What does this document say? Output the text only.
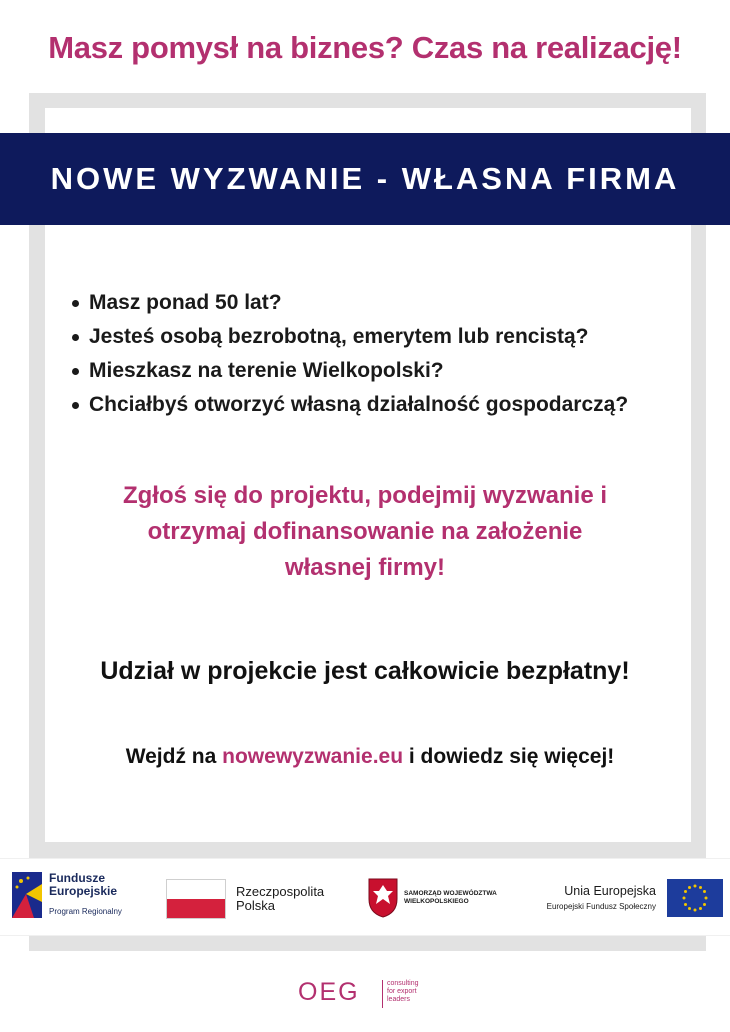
Masz pomysł na biznes? Czas na realizację!
NOWE WYZWANIE - WŁASNA FIRMA
Masz ponad 50 lat?
Jesteś osobą bezrobotną, emerytem lub rencistą?
Mieszkasz na terenie Wielkopolski?
Chciałbyś otworzyć własną działalność gospodarczą?
Zgłoś się do projektu, podejmij wyzwanie i
otrzymaj dofinansowanie na założenie
własnej firmy!
Udział w projekcie jest całkowicie bezpłatny!
Wejdź na nowewyzwanie.eu i dowiedz się więcej!
Fundusze
Europejskie
Program Regionalny
Rzeczpospolita
Polska
SAMORZĄD WOJEWÓDZTWA
WIELKOPOLSKIEGO
Unia Europejska
Europejski Fundusz Społeczny
OEG	consulting
for export
leaders
